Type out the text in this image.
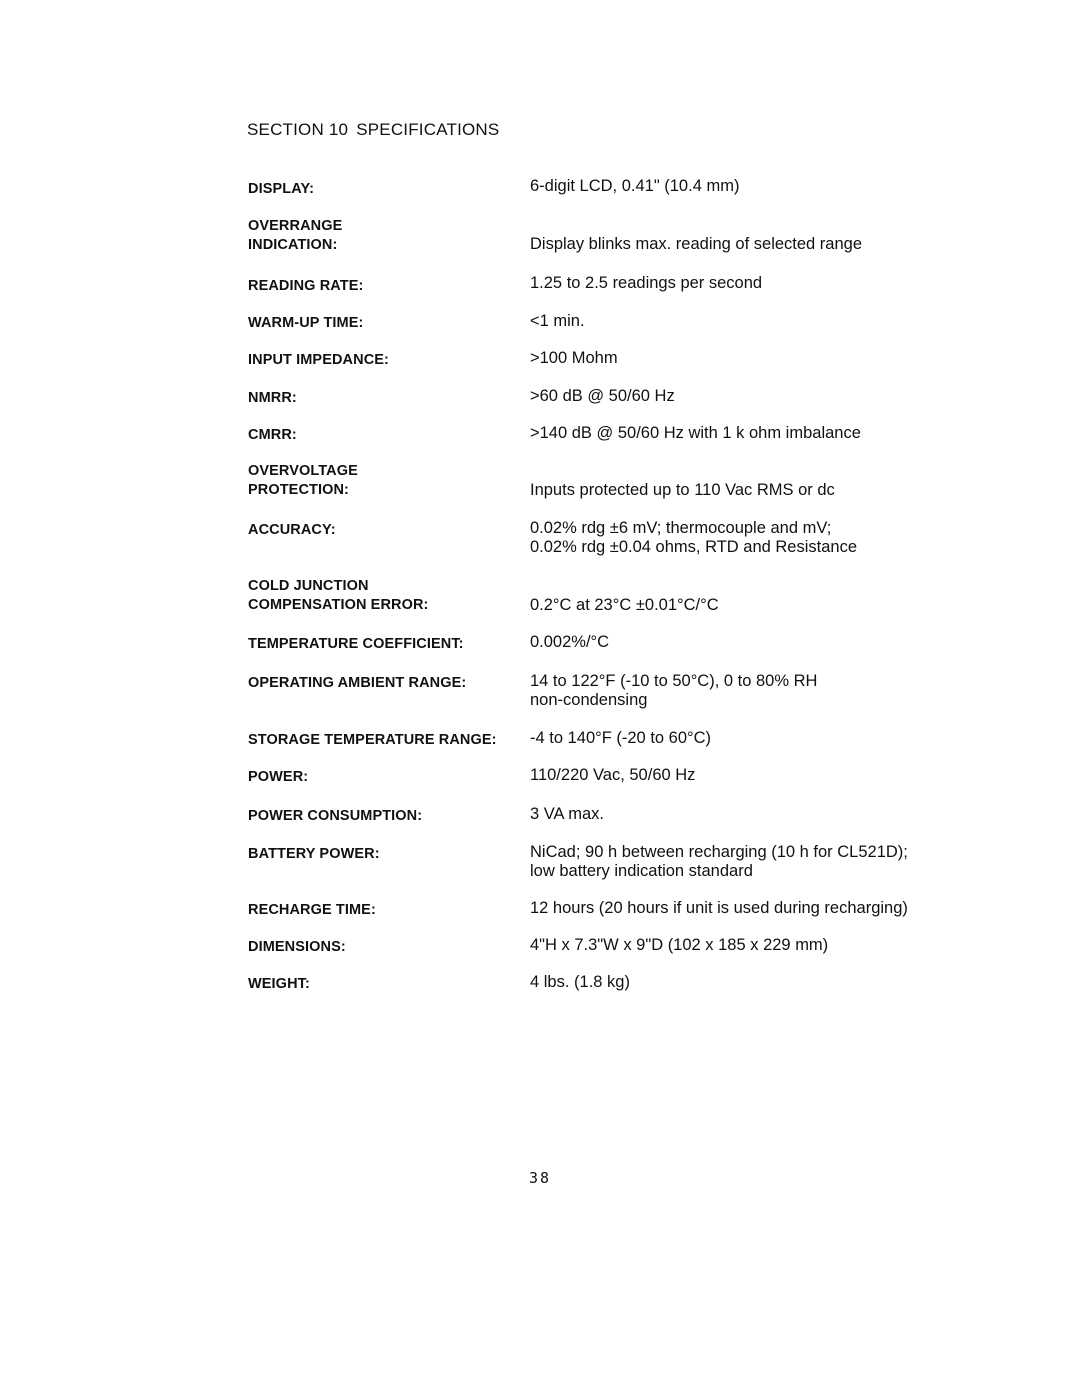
SECTION 10 SPECIFICATIONS
DISPLAY:	6-digit LCD, 0.41" (10.4 mm)
OVERRANGE
INDICATION:	Display blinks max. reading of selected range
READING RATE:	1.25 to 2.5 readings per second
WARM-UP TIME:	<1 min.
INPUT IMPEDANCE:	>100 Mohm
NMRR:	>60 dB @ 50/60 Hz
CMRR:	>140 dB @ 50/60 Hz with 1 k ohm imbalance
OVERVOLTAGE
PROTECTION:	Inputs protected up to 110 Vac RMS or dc
ACCURACY:	0.02% rdg ±6 mV; thermocouple and mV;
0.02% rdg ±0.04 ohms, RTD and Resistance
COLD JUNCTION
COMPENSATION ERROR:	0.2°C at 23°C ±0.01°C/°C
TEMPERATURE COEFFICIENT:	0.002%/°C
OPERATING AMBIENT RANGE:	14 to 122°F (-10 to 50°C), 0 to 80% RH
non-condensing
STORAGE TEMPERATURE RANGE:	-4 to 140°F (-20 to 60°C)
POWER:	110/220 Vac, 50/60 Hz
POWER CONSUMPTION:	3 VA max.
BATTERY POWER:	NiCad; 90 h between recharging (10 h for CL521D);
low battery indication standard
RECHARGE TIME:	12 hours (20 hours if unit is used during recharging)
DIMENSIONS:	4"H x 7.3"W x 9"D (102 x 185 x 229 mm)
WEIGHT:	4 lbs. (1.8 kg)
38
